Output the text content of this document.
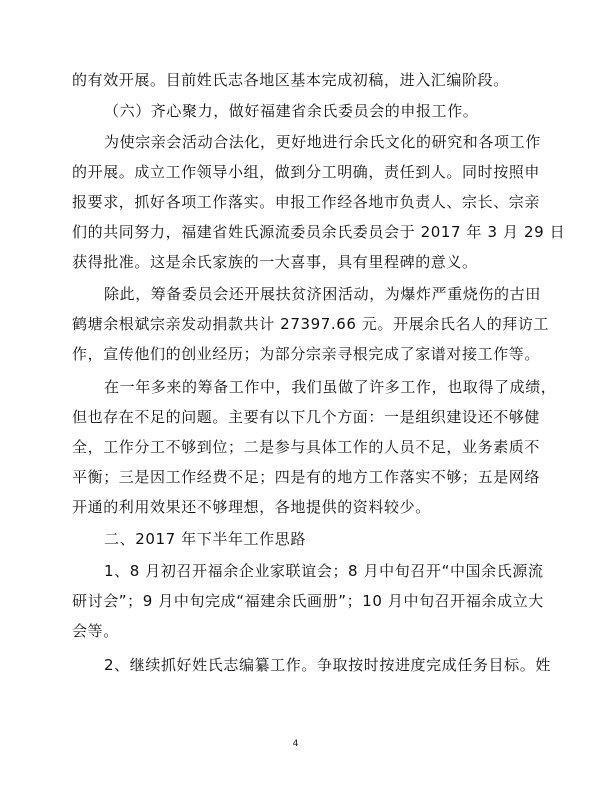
的有效开展。目前姓氏志各地区基本完成初稿，进入汇编阶段。
（六）齐心聚力，做好福建省余氏委员会的申报工作。
为使宗亲会活动合法化，更好地进行余氏文化的研究和各项工作
的开展。成立工作领导小组，做到分工明确，责任到人。同时按照申
报要求，抓好各项工作落实。申报工作经各地市负责人、宗长、宗亲
们的共同努力，福建省姓氏源流委员余氏委员会于 2017 年 3 月 29 日
获得批准。这是余氏家族的一大喜事，具有里程碑的意义。
除此，筹备委员会还开展扶贫济困活动，为爆炸严重烧伤的古田
鹤塘余根斌宗亲发动捐款共计 27397.66 元。开展余氏名人的拜访工
作，宣传他们的创业经历；为部分宗亲寻根完成了家谱对接工作等。
在一年多来的筹备工作中，我们虽做了许多工作，也取得了成绩，
但也存在不足的问题。主要有以下几个方面：一是组织建设还不够健
全，工作分工不够到位；二是参与具体工作的人员不足，业务素质不
平衡；三是因工作经费不足；四是有的地方工作落实不够；五是网络
开通的利用效果还不够理想，各地提供的资料较少。
二、2017 年下半年工作思路
1、8 月初召开福余企业家联谊会；8 月中旬召开“中国余氏源流
研讨会”；9 月中旬完成“福建余氏画册”；10 月中旬召开福余成立大
会等。
2、继续抓好姓氏志编纂工作。争取按时按进度完成任务目标。姓
4
